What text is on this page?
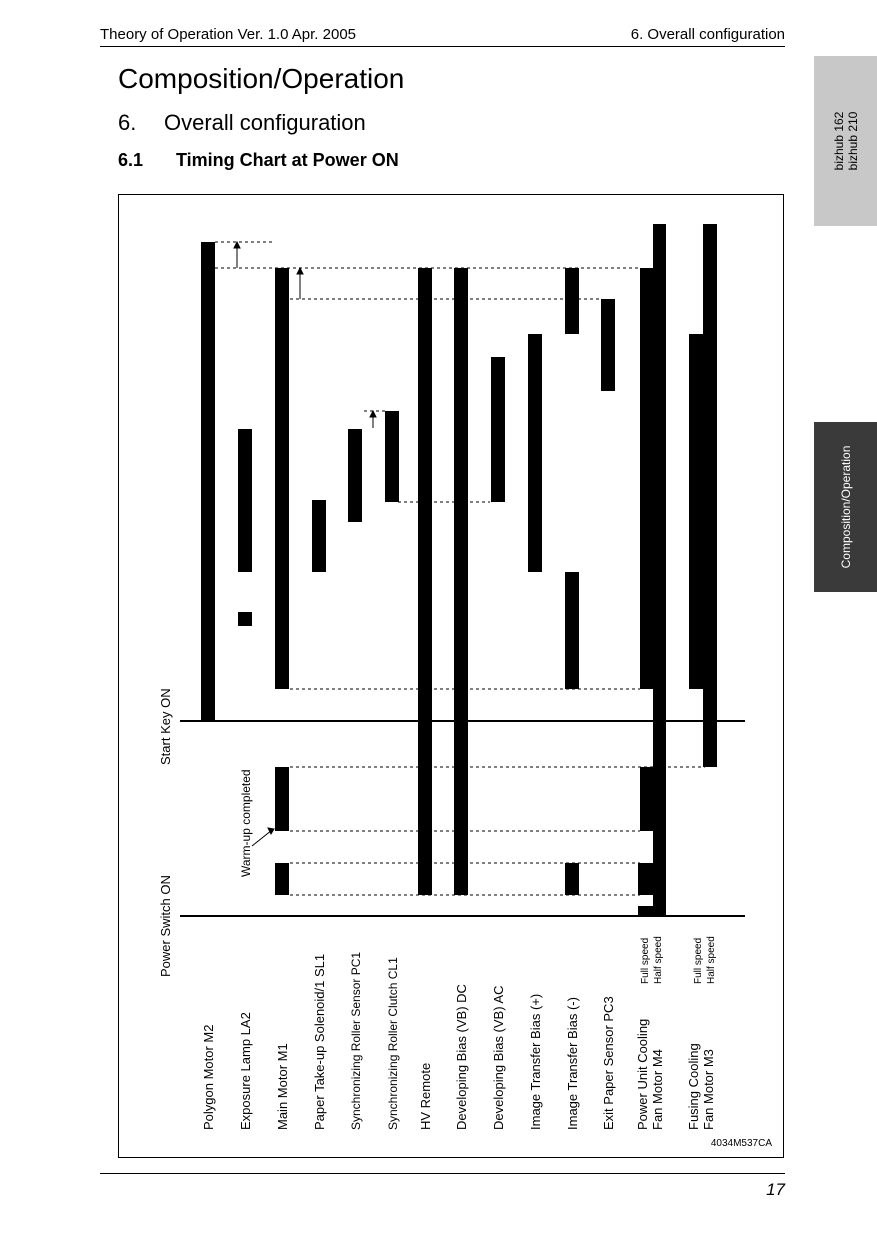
Theory of Operation Ver. 1.0 Apr. 2005	6. Overall configuration
Composition/Operation
6. Overall configuration
6.1 Timing Chart at Power ON	bizhub 162 bizhub 210
Composition/Operation
Polygon Motor M2 Exposure Lamp LA2 Main Motor M1 Paper Take-up Solenoid/1 SL1 Synchronizing Roller Sensor PC1 Synchronizing Roller Clutch CL1 HV Remote Developing Bias (VB) DC Developing Bias (VB) AC Image Transfer Bias (+) Image Transfer Bias (-) Exit Paper Sensor PC3 Power Unit Cooling Fan Motor M4 Fusing Cooling Fan Motor M3
Full speed Half speed	Full speed Half speed
Power Switch ON
Start Key ON
Warm-up completed
4034M537CA
17
